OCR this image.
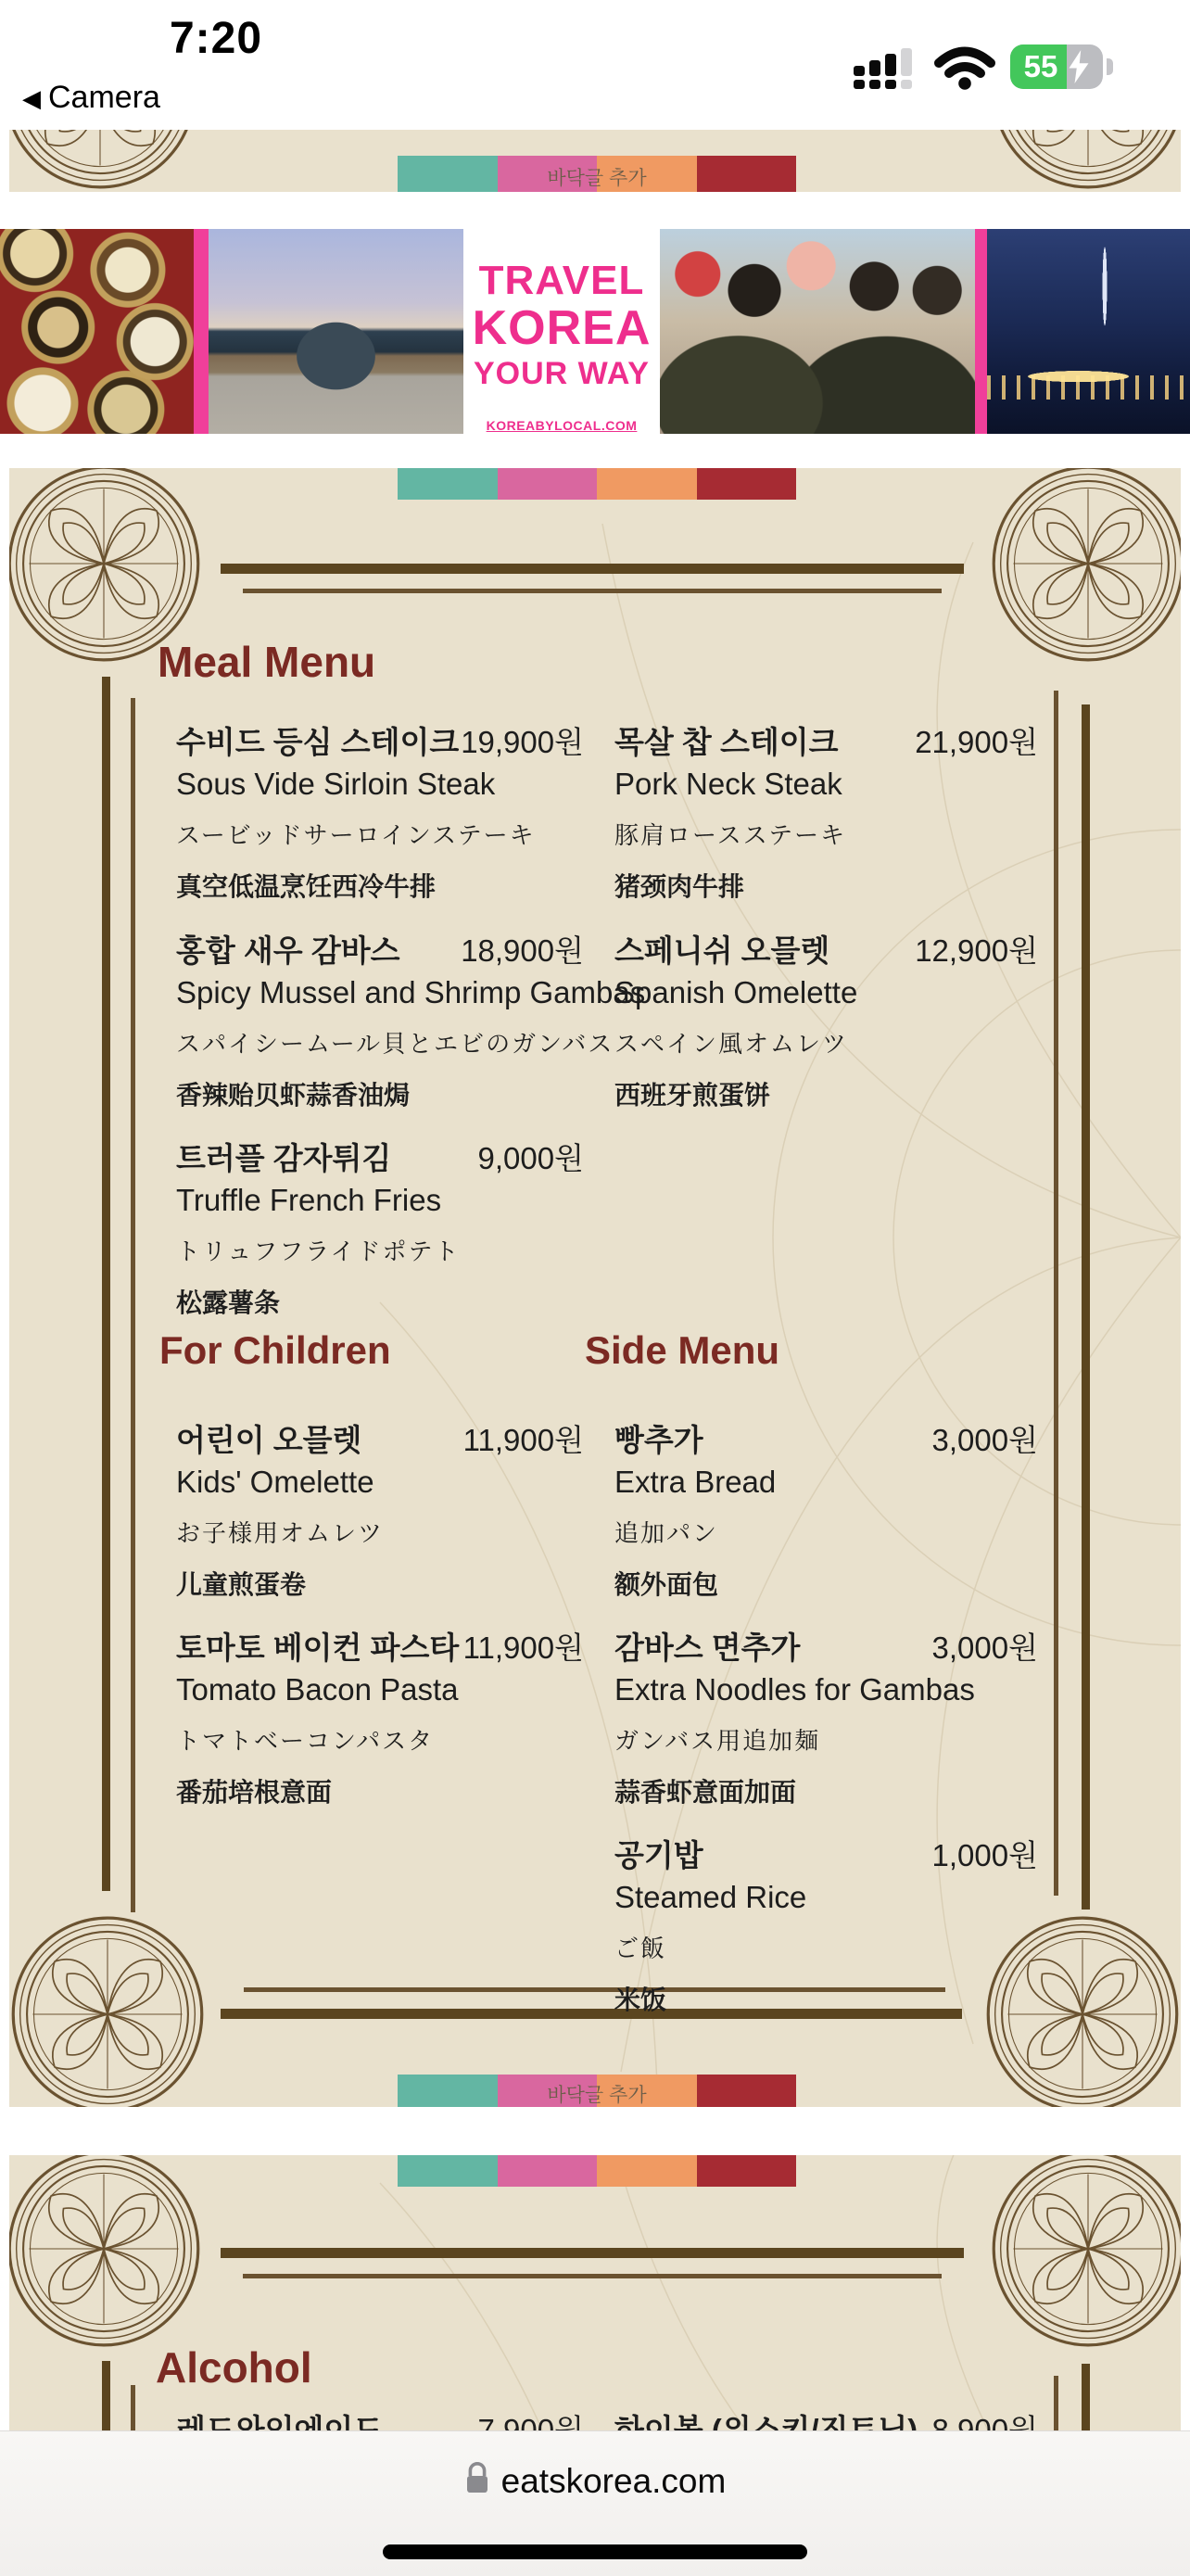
7:20
◀ Camera
55
바닥글 추가
TRAVEL
KOREA
YOUR WAY
KOREABYLOCAL.COM
Meal Menu
수비드 등심 스테이크 19,900원
Sous Vide Sirloin Steak
スービッドサーロインステーキ
真空低温烹饪西冷牛排
목살 찹 스테이크	21,900원
Pork Neck Steak
豚肩ロースステーキ
猪颈肉牛排
홍합 새우 감바스 18,900원
Spicy Mussel and Shrimp Gambas
スパイシームール貝とエビのガンバス
香辣贻贝虾蒜香油焗
스페니쉬 오믈렛	12,900원
Spanish Omelette
スペイン風オムレツ
西班牙煎蛋饼
트러플 감자튀김	9,000원
Truffle French Fries
トリュフフライドポテト
松露薯条
For Children	Side Menu
어린이 오믈렛	11,900원
Kids' Omelette
お子様用オムレツ
儿童煎蛋卷
빵추가	3,000원
Extra Bread
追加パン
额外面包
토마토 베이컨 파스타 11,900원
Tomato Bacon Pasta
トマトベーコンパスタ
番茄培根意面
감바스 면추가	3,000원
Extra Noodles for Gambas
ガンバス用追加麺
蒜香虾意面加面
공기밥	1,000원
Steamed Rice
ご飯
米饭
바닥글 추가
Alcohol
eatskorea.com
